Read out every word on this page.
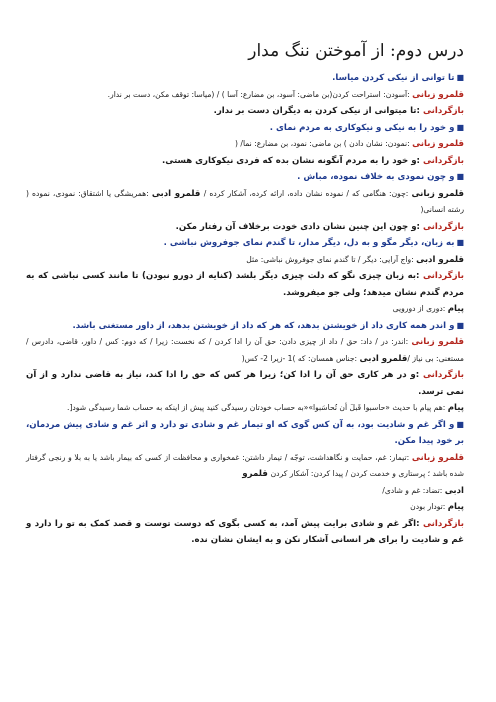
درس دوم: از آموختن ننگ مدار

■تا توانی از نیکی کردن میاسا.

قلمرو زبانی :آسودن: استراحت کردن(بن ماضی: آسود، بن مضارع: آسا ) / (میاسا: توقف مکن، دست بر ندار.

بازگردانی :تا میتوانی از نیکی کردن به دیگران دست بر ندار.

■و خود را به نیکی و نیکوکاری به مردم نمای .

قلمرو زبانی :نمودن: نشان دادن ) بن ماضی: نمود، بن مضارع: نما/ (

بازگردانی :و خود را به مردم آنگونه نشان بده که فردی نیکوکاری هستی.

■و چون نمودی به خلاف نموده، مباش .

قلمرو زبانی :چون: هنگامی که / نموده نشان داده، ارائه کرده، آشکار کرده / قلمرو ادبی :همریشگی یا اشتقاق: نمودی، نموده ( رشته انسانی(

بازگردانی :و چون این چنین نشان دادی خودت برخلاف آن رفتار مکن.

■به زبان، دیگر مگو و به دل، دیگر مدار، تا گندم نمای جوفروش نباشی .

قلمرو ادبی :واج آرایی: دیگر / تا گندم نمای جوفروش نباشی: مثل

بازگردانی :به زبان چیزی نگو که دلت چیزی دیگر بلشد (کنایه از دورو نبودن) تا مانند کسی نباشی که به مردم گندم نشان میدهد؛ ولی جو میفروشد.

پیام :دوری از دورویی

■و اندر همه کاری داد از خویشتن بدهد، که هر که داد از خویشتن بدهد، از داور مستغنی باشد.

قلمرو زبانی :اندر: در / داد: حق / داد از چیزی دادن: حق آن را ادا کردن / که نخست: زیرا / که دوم: کس / داور، قاضی، دادرس /مستغنی: بی نیاز /قلمرو ادبی :جناس همسان: که )1 -زیرا 2- کس(

بازگردانی :و در هر کاری حق آن را ادا کن؛ زیرا هر کس که حق را ادا کند، نیاز به قاضی ندارد و از آن نمی ترسد.

پیام :هم پیام با حدیث «حاسبوا قَبلَ أن تُحاسَبوا»«به حساب خودتان رسیدگی کنید پیش از اینکه به حساب شما رسیدگی شود[.

■و اگر غم و شادیت بود، به آن کس گوی که او تیمار غم و شادی تو دارد و اثر غم و شادی پیش مردمان، بر خود پیدا مکن.

قلمرو زبانی :تیمار: غم، حمایت و نگاهداشت، توجّه / تیمار داشتن: غمخواری و محافظت از کسی که بیمار باشد یا به بلا و رنجی گرفتار شده باشد ؛ پرستاری و خدمت کردن / پیدا کردن: آشکار کردن قلمرو

ادبی :تضاد: غم و شادی/

پیام :تودار بودن

بازگردانی :اگر غم و شادی برایت پیش آمد، به کسی بگوی که دوست توست و قصد کمک به تو را دارد و غم و شادیت را برای هر انسانی آشکار نکن و به ایشان نشان نده.
